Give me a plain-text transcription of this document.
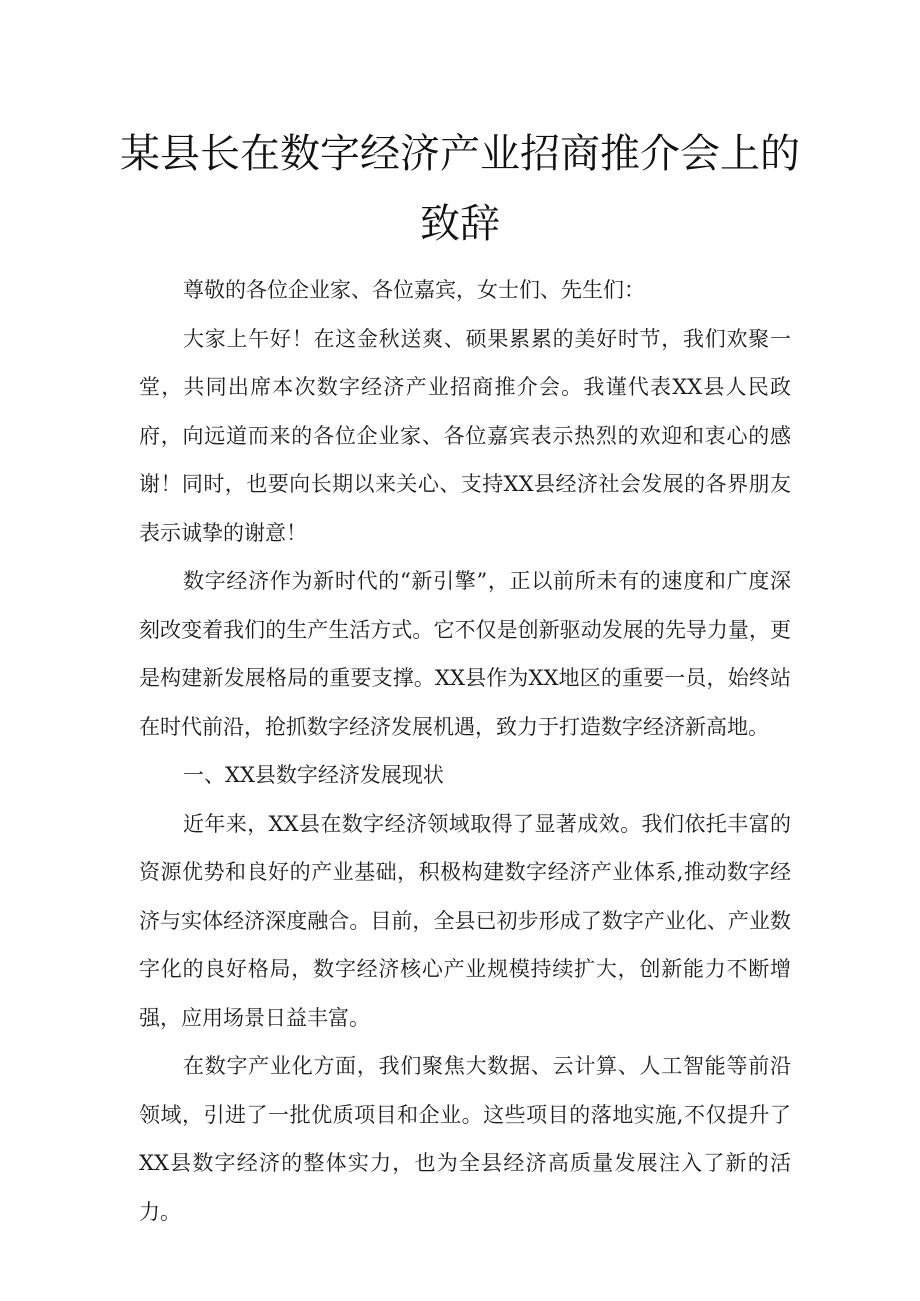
某县长在数字经济产业招商推介会上的
致辞

尊敬的各位企业家、各位嘉宾，女士们、先生们：

大家上午好！在这金秋送爽、硕果累累的美好时节，我们欢聚一堂，共同出席本次数字经济产业招商推介会。我谨代表XX县人民政府，向远道而来的各位企业家、各位嘉宾表示热烈的欢迎和衷心的感谢！同时，也要向长期以来关心、支持XX县经济社会发展的各界朋友表示诚挚的谢意！

数字经济作为新时代的“新引擎”，正以前所未有的速度和广度深刻改变着我们的生产生活方式。它不仅是创新驱动发展的先导力量，更是构建新发展格局的重要支撑。XX县作为XX地区的重要一员，始终站在时代前沿，抢抓数字经济发展机遇，致力于打造数字经济新高地。

一、XX县数字经济发展现状

近年来，XX县在数字经济领域取得了显著成效。我们依托丰富的资源优势和良好的产业基础，积极构建数字经济产业体系,推动数字经济与实体经济深度融合。目前，全县已初步形成了数字产业化、产业数字化的良好格局，数字经济核心产业规模持续扩大，创新能力不断增强，应用场景日益丰富。

在数字产业化方面，我们聚焦大数据、云计算、人工智能等前沿领域，引进了一批优质项目和企业。这些项目的落地实施,不仅提升了XX县数字经济的整体实力，也为全县经济高质量发展注入了新的活力。
